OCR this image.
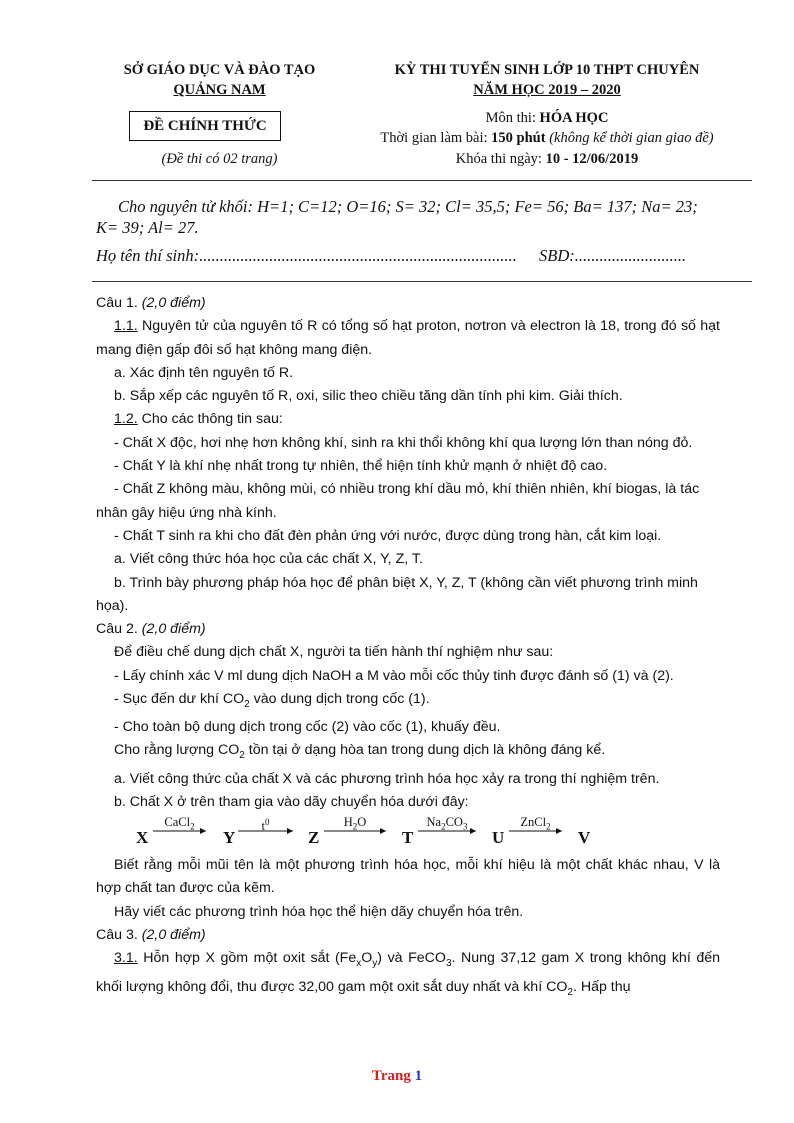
SỞ GIÁO DỤC VÀ ĐÀO TẠO
QUẢNG NAM
ĐỀ CHÍNH THỨC
(Đề thi có 02 trang)
KỲ THI TUYỂN SINH LỚP 10 THPT CHUYÊN
NĂM HỌC 2019 – 2020
Môn thi: HÓA HỌC
Thời gian làm bài: 150 phút (không kể thời gian giao đề)
Khóa thi ngày: 10 - 12/06/2019
Cho nguyên tử khối: H=1; C=12; O=16; S= 32; Cl= 35,5; Fe= 56; Ba= 137; Na= 23;
K= 39; Al= 27.
Họ tên thí sinh:............................................................................. SBD:...........................

Câu 1. (2,0 điểm)

1.1. Nguyên tử của nguyên tố R có tổng số hạt proton, nơtron và electron là 18, trong đó số hạt mang điện gấp đôi số hạt không mang điện.

a. Xác định tên nguyên tố R.

b. Sắp xếp các nguyên tố R, oxi, silic theo chiều tăng dần tính phi kim. Giải thích.

1.2. Cho các thông tin sau:

- Chất X độc, hơi nhẹ hơn không khí, sinh ra khi thổi không khí qua lượng lớn than nóng đỏ.

- Chất Y là khí nhẹ nhất trong tự nhiên, thể hiện tính khử mạnh ở nhiệt độ cao.

- Chất Z không màu, không mùi, có nhiều trong khí dầu mỏ, khí thiên nhiên, khí biogas, là tác nhân gây hiệu ứng nhà kính.

- Chất T sinh ra khi cho đất đèn phản ứng với nước, được dùng trong hàn, cắt kim loại.

a. Viết công thức hóa học của các chất X, Y, Z, T.

b. Trình bày phương pháp hóa học để phân biệt X, Y, Z, T (không cần viết phương trình minh họa).

Câu 2. (2,0 điểm)

Để điều chế dung dịch chất X, người ta tiến hành thí nghiệm như sau:

- Lấy chính xác V ml dung dịch NaOH a M vào mỗi cốc thủy tinh được đánh số (1) và (2).

- Sục đến dư khí $CO_2$ vào dung dịch trong cốc (1).

- Cho toàn bộ dung dịch trong cốc (2) vào cốc (1), khuấy đều.

Cho rằng lượng $CO_2$ tồn tại ở dạng hòa tan trong dung dịch là không đáng kể.

a. Viết công thức của chất X và các phương trình hóa học xảy ra trong thí nghiệm trên.

b. Chất X ở trên tham gia vào dãy chuyển hóa dưới đây:

X	Y	Z	T	U	V
CaCl$_2$	$t^0$	$H_2O$	$Na_2CO_3$	ZnCl$_2$

Biết rằng mỗi mũi tên là một phương trình hóa học, mỗi khí hiệu là một chất khác nhau, V là hợp chất tan được của kẽm.

Hãy viết các phương trình hóa học thể hiện dãy chuyển hóa trên.

Câu 3. (2,0 điểm)

3.1. Hỗn hợp X gồm một oxit sắt $(Fe_xO_y)$ và FeCO$_3$. Nung 37,12 gam X trong không khí đến khối lượng không đổi, thu được 32,00 gam một oxit sắt duy nhất và khí $CO_2$. Hấp thụ

Trang 1
